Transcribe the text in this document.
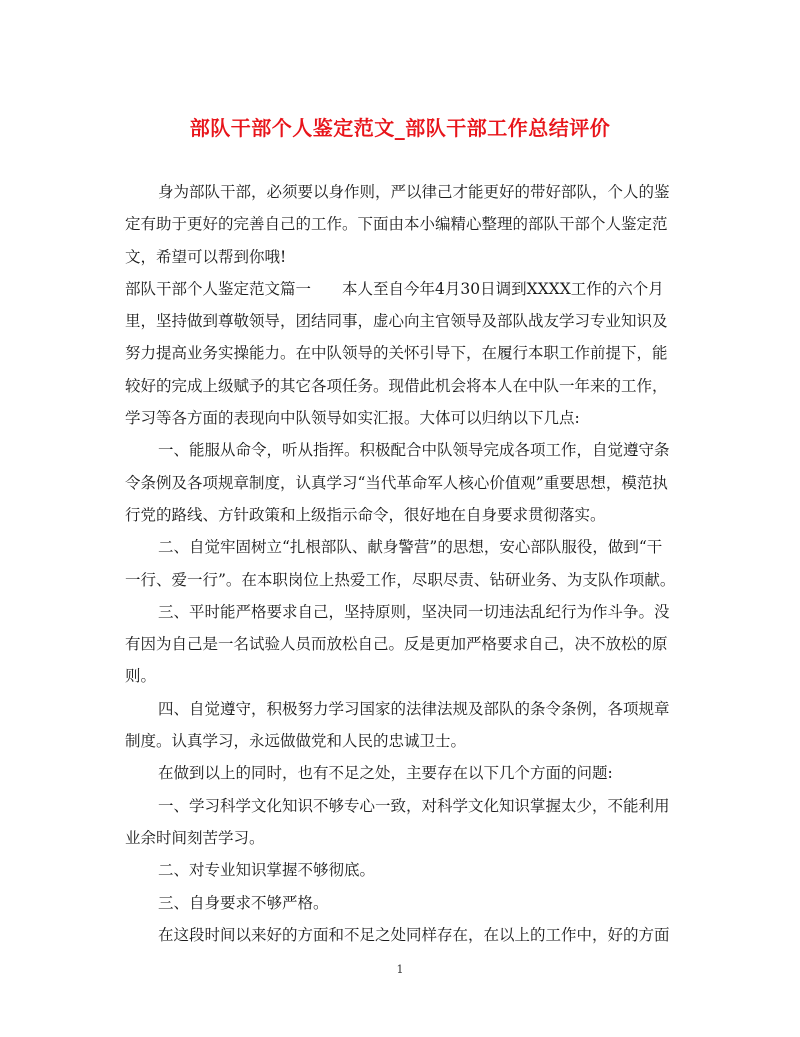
部队干部个人鉴定范文_部队干部工作总结评价

身为部队干部，必须要以身作则，严以律己才能更好的带好部队，个人的鉴定有助于更好的完善自己的工作。下面由本小编精心整理的部队干部个人鉴定范文，希望可以帮到你哦!

部队干部个人鉴定范文篇一　　本人至自今年4月30日调到XXXX工作的六个月里，坚持做到尊敬领导，团结同事，虚心向主官领导及部队战友学习专业知识及努力提高业务实操能力。在中队领导的关怀引导下，在履行本职工作前提下，能较好的完成上级赋予的其它各项任务。现借此机会将本人在中队一年来的工作，学习等各方面的表现向中队领导如实汇报。大体可以归纳以下几点:

一、能服从命令，听从指挥。积极配合中队领导完成各项工作，自觉遵守条令条例及各项规章制度，认真学习“当代革命军人核心价值观”重要思想，模范执行党的路线、方针政策和上级指示命令，很好地在自身要求贯彻落实。

二、自觉牢固树立“扎根部队、献身警营”的思想，安心部队服役，做到“干一行、爱一行”。在本职岗位上热爱工作，尽职尽责、钻研业务、为支队作项献。

三、平时能严格要求自己，坚持原则，坚决同一切违法乱纪行为作斗争。没有因为自己是一名试验人员而放松自己。反是更加严格要求自己，决不放松的原则。

四、自觉遵守，积极努力学习国家的法律法规及部队的条令条例，各项规章制度。认真学习，永远做做党和人民的忠诚卫士。

在做到以上的同时，也有不足之处，主要存在以下几个方面的问题:

一、学习科学文化知识不够专心一致，对科学文化知识掌握太少，不能利用业余时间刻苦学习。

二、对专业知识掌握不够彻底。

三、自身要求不够严格。

在这段时间以来好的方面和不足之处同样存在，在以上的工作中，好的方面

1
